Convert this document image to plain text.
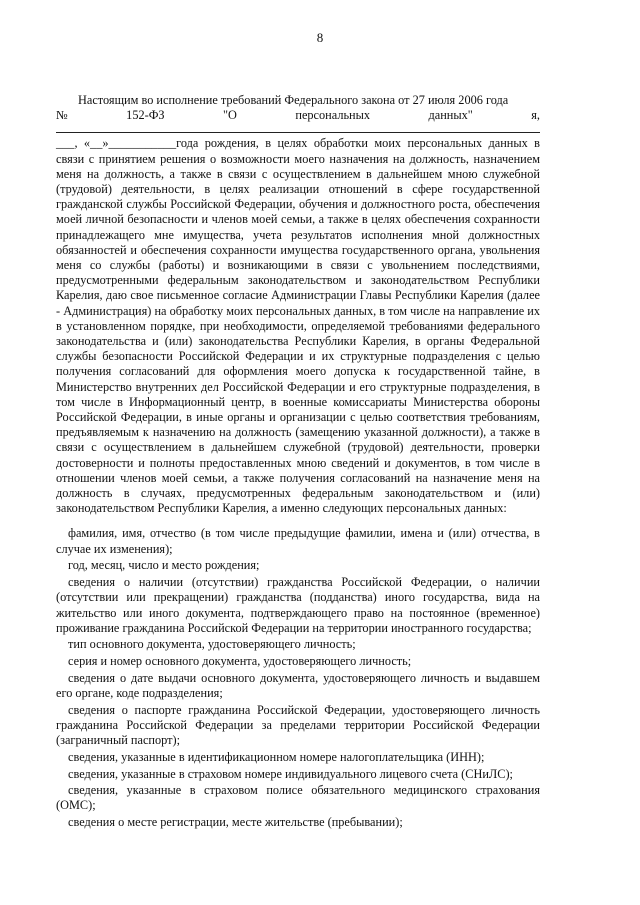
8
Настоящим во исполнение требований Федерального закона от 27 июля 2006 года
№	152-ФЗ	"О	персональных	данных"	я,

___, «__»___________года рождения, в целях обработки моих персональных данных в связи с принятием решения о возможности моего назначения на должность, назначением меня на должность, а также в связи с осуществлением в дальнейшем мною служебной (трудовой) деятельности, в целях реализации отношений в сфере государственной гражданской службы Российской Федерации, обучения и должностного роста, обеспечения моей личной безопасности и членов моей семьи, а также в целях обеспечения сохранности принадлежащего мне имущества, учета результатов исполнения мной должностных обязанностей и обеспечения сохранности имущества государственного органа, увольнения меня со службы (работы) и возникающими в связи с увольнением последствиями, предусмотренными федеральным законодательством и законодательством Республики Карелия, даю свое письменное согласие Администрации Главы Республики Карелия (далее - Администрация) на обработку моих персональных данных, в том числе на направление их в установленном порядке, при необходимости, определяемой требованиями федерального законодательства и (или) законодательства Республики Карелия, в органы Федеральной службы безопасности Российской Федерации и их структурные подразделения с целью получения согласований для оформления моего допуска к государственной тайне, в Министерство внутренних дел Российской Федерации и его структурные подразделения, в том числе в Информационный центр, в военные комиссариаты Министерства обороны Российской Федерации, в иные органы и организации с целью соответствия требованиям, предъявляемым к назначению на должность (замещению указанной должности), а также в связи с осуществлением в дальнейшем служебной (трудовой) деятельности, проверки достоверности и полноты предоставленных мною сведений и документов, в том числе в отношении членов моей семьи, а также получения согласований на назначение меня на должность в случаях, предусмотренных федеральным законодательством и (или) законодательством Республики Карелия, а именно следующих персональных данных:

фамилия, имя, отчество (в том числе предыдущие фамилии, имена и (или) отчества, в случае их изменения);
год, месяц, число и место рождения;
сведения о наличии (отсутствии) гражданства Российской Федерации, о наличии (отсутствии или прекращении) гражданства (подданства) иного государства, вида на жительство или иного документа, подтверждающего право на постоянное (временное) проживание гражданина Российской Федерации на территории иностранного государства;
тип основного документа, удостоверяющего личность;
серия и номер основного документа, удостоверяющего личность;
сведения о дате выдачи основного документа, удостоверяющего личность и выдавшем его органе, коде подразделения;
сведения о паспорте гражданина Российской Федерации, удостоверяющего личность гражданина Российской Федерации за пределами территории Российской Федерации (заграничный паспорт);
сведения, указанные в идентификационном номере налогоплательщика (ИНН);
сведения, указанные в страховом номере индивидуального лицевого счета (СНиЛС);
сведения, указанные в страховом полисе обязательного медицинского страхования (ОМС);
сведения о месте регистрации, месте жительстве (пребывании);
